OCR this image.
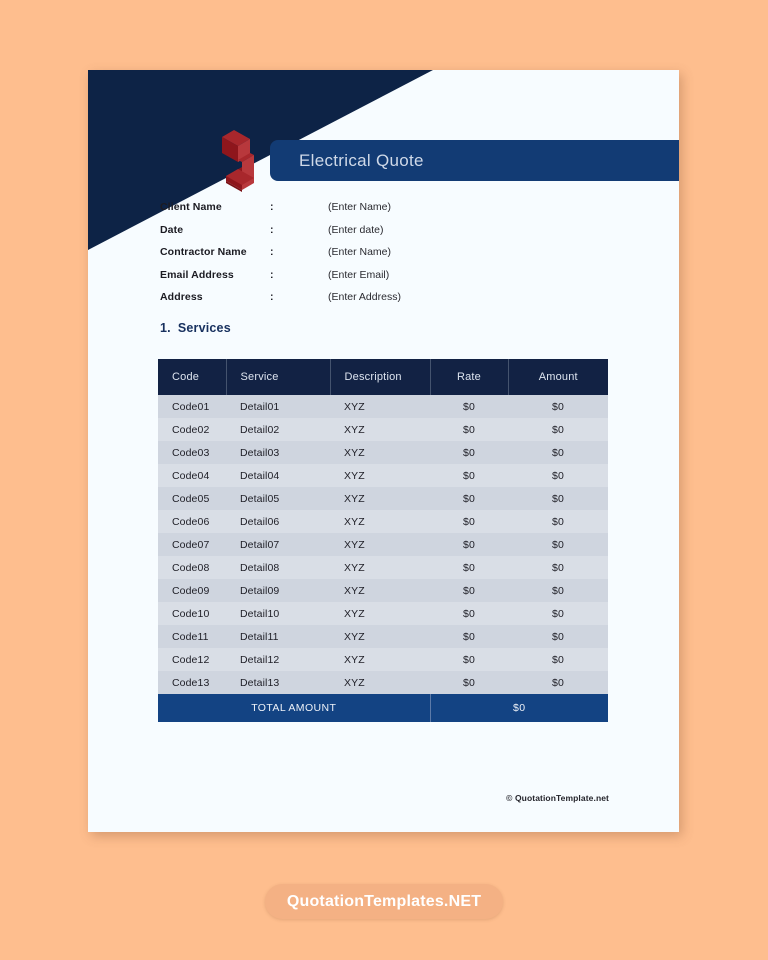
Electrical Quote
Client Name	:	(Enter Name)
Date	:	(Enter date)
Contractor Name	:	(Enter Name)
Email Address	:	(Enter Email)
Address	:	(Enter Address)
1. Services
Code	Service	Description	Rate	Amount
Code01	Detail01	XYZ	$0	$0
Code02	Detail02	XYZ	$0	$0
Code03	Detail03	XYZ	$0	$0
Code04	Detail04	XYZ	$0	$0
Code05	Detail05	XYZ	$0	$0
Code06	Detail06	XYZ	$0	$0
Code07	Detail07	XYZ	$0	$0
Code08	Detail08	XYZ	$0	$0
Code09	Detail09	XYZ	$0	$0
Code10	Detail10	XYZ	$0	$0
Code11	Detail11	XYZ	$0	$0
Code12	Detail12	XYZ	$0	$0
Code13	Detail13	XYZ	$0	$0
TOTAL AMOUNT			$0	
© QuotationTemplate.net
QuotationTemplates.NET
